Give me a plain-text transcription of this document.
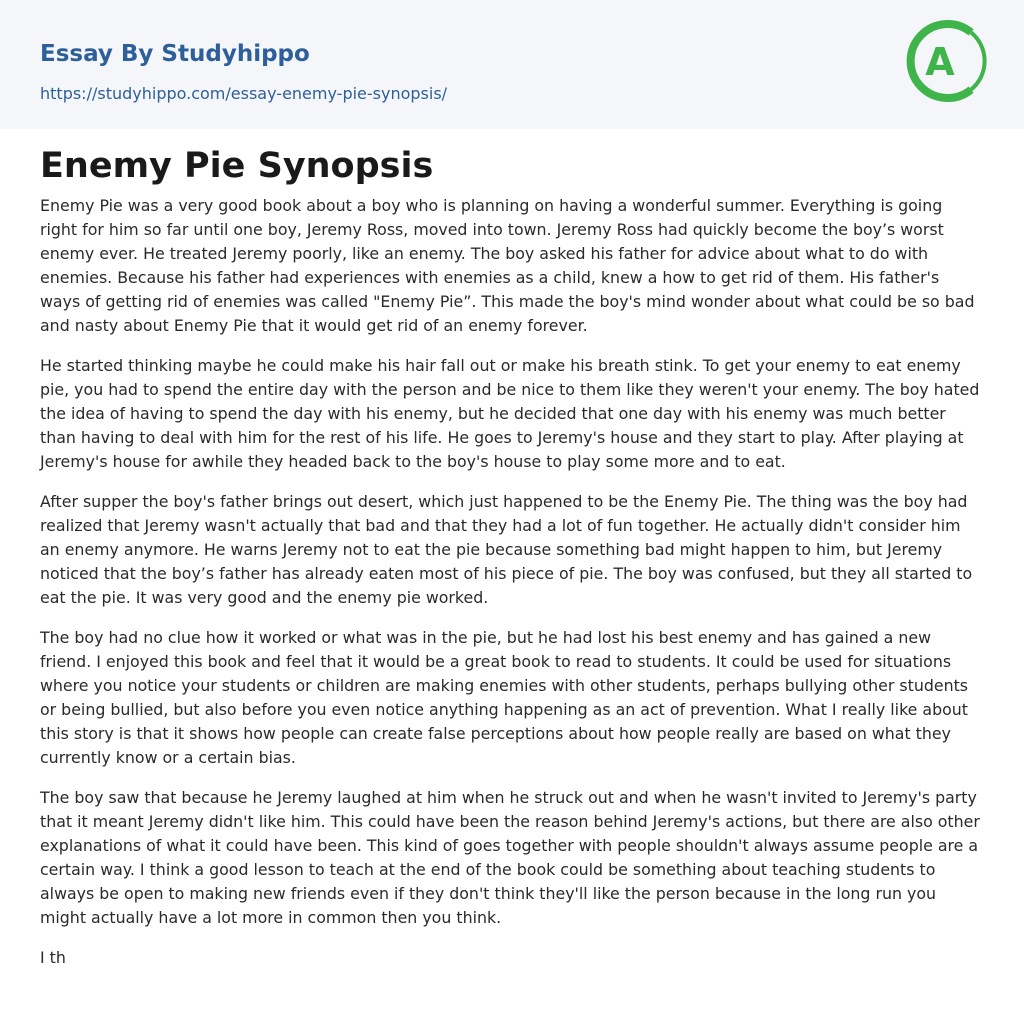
Essay By Studyhippo
https://studyhippo.com/essay-enemy-pie-synopsis/
A
Enemy Pie Synopsis

Enemy Pie was a very good book about a boy who is planning on having a wonderful summer. Everything is going right for him so far until one boy, Jeremy Ross, moved into town. Jeremy Ross had quickly become the boy’s worst enemy ever. He treated Jeremy poorly, like an enemy. The boy asked his father for advice about what to do with enemies. Because his father had experiences with enemies as a child, knew a how to get rid of them. His father's ways of getting rid of enemies was called "Enemy Pie”. This made the boy's mind wonder about what could be so bad and nasty about Enemy Pie that it would get rid of an enemy forever.

He started thinking maybe he could make his hair fall out or make his breath stink. To get your enemy to eat enemy pie, you had to spend the entire day with the person and be nice to them like they weren't your enemy. The boy hated the idea of having to spend the day with his enemy, but he decided that one day with his enemy was much better than having to deal with him for the rest of his life. He goes to Jeremy's house and they start to play. After playing at Jeremy's house for awhile they headed back to the boy's house to play some more and to eat.

After supper the boy's father brings out desert, which just happened to be the Enemy Pie. The thing was the boy had realized that Jeremy wasn't actually that bad and that they had a lot of fun together. He actually didn't consider him an enemy anymore. He warns Jeremy not to eat the pie because something bad might happen to him, but Jeremy noticed that the boy’s father has already eaten most of his piece of pie. The boy was confused, but they all started to eat the pie. It was very good and the enemy pie worked.

The boy had no clue how it worked or what was in the pie, but he had lost his best enemy and has gained a new friend. I enjoyed this book and feel that it would be a great book to read to students. It could be used for situations where you notice your students or children are making enemies with other students, perhaps bullying other students or being bullied, but also before you even notice anything happening as an act of prevention. What I really like about this story is that it shows how people can create false perceptions about how people really are based on what they currently know or a certain bias.

The boy saw that because he Jeremy laughed at him when he struck out and when he wasn't invited to Jeremy's party that it meant Jeremy didn't like him. This could have been the reason behind Jeremy's actions, but there are also other explanations of what it could have been. This kind of goes together with people shouldn't always assume people are a certain way. I think a good lesson to teach at the end of the book could be something about teaching students to always be open to making new friends even if they don't think they'll like the person because in the long run you might actually have a lot more in common then you think.

I th
